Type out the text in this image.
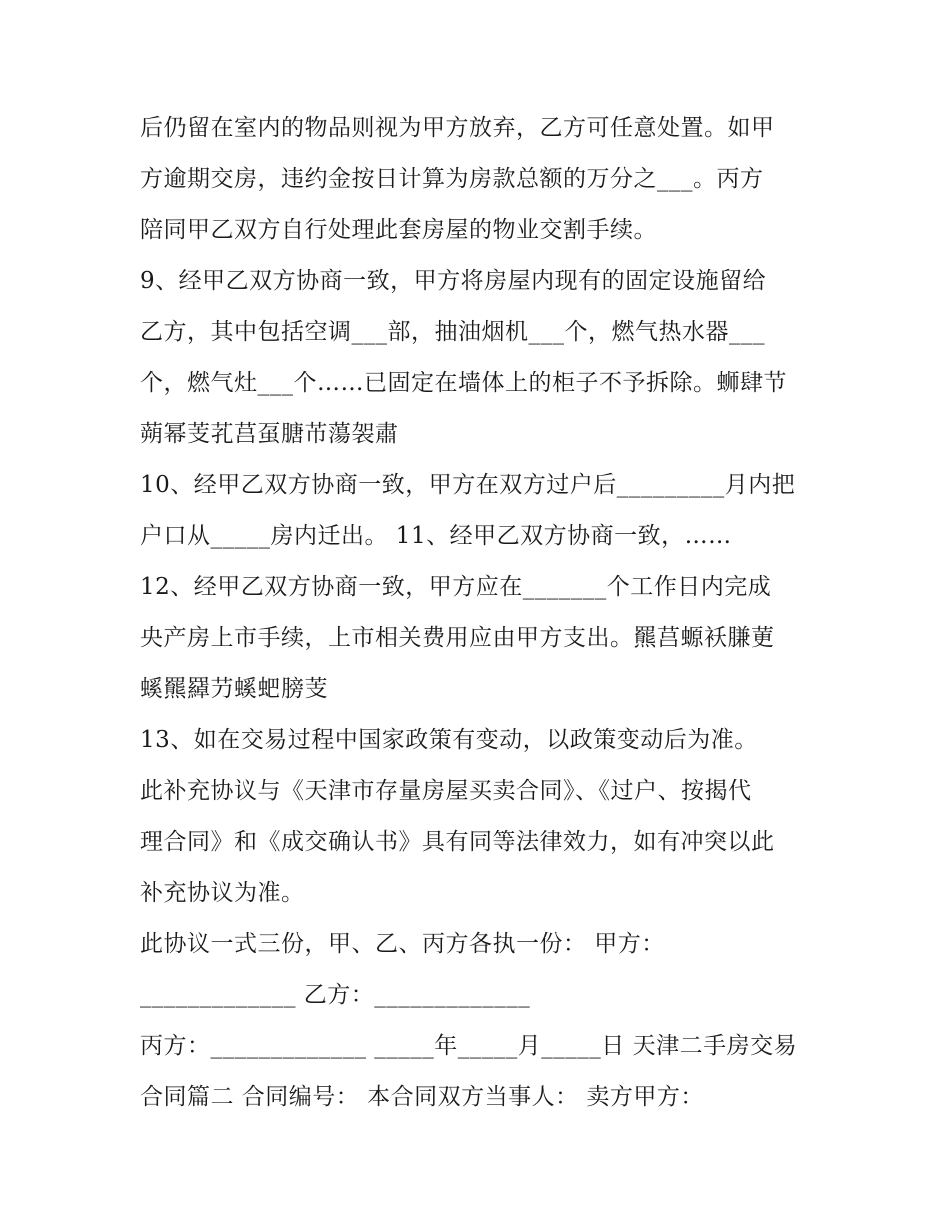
后仍留在室内的物品则视为甲方放弃，乙方可任意处置。如甲
方逾期交房，违约金按日计算为房款总额的万分之___。丙方
陪同甲乙双方自行处理此套房屋的物业交割手续。
9、经甲乙双方协商一致，甲方将房屋内现有的固定设施留给
乙方，其中包括空调___部，抽油烟机___个，燃气热水器___
个，燃气灶___个……已固定在墙体上的柜子不予拆除。蛳肆节
蒴幂芰芤莒虿膅芇蕩袈肅
10、经甲乙双方协商一致，甲方在双方过户后_________月内把
户口从_____房内迁出。 11、经甲乙双方协商一致，……
12、经甲乙双方协商一致，甲方应在_______个工作日内完成
央产房上市手续，上市相关费用应由甲方支出。羆莒螈袄膁莄
螇羆羄芀螇蚆膀芰
13、如在交易过程中国家政策有变动，以政策变动后为准。
此补充协议与《天津市存量房屋买卖合同》、《过户、按揭代
理合同》和《成交确认书》具有同等法律效力，如有冲突以此
补充协议为准。
此协议一式三份，甲、乙、丙方各执一份： 甲方：
_____________ 乙方：_____________
丙方：_____________ _____年_____月_____日 天津二手房交易
合同篇二 合同编号： 本合同双方当事人： 卖方甲方：
